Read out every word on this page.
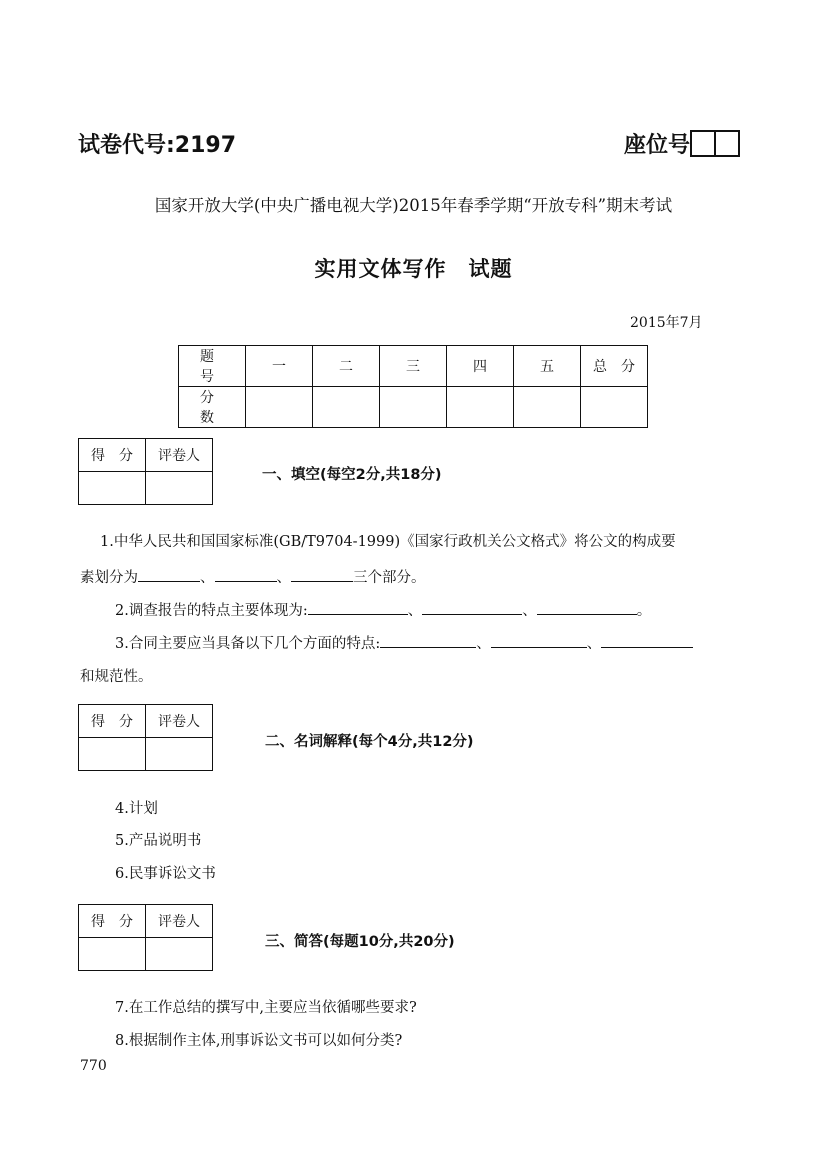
试卷代号:2197	座位号
国家开放大学(中央广播电视大学)2015年春季学期“开放专科”期末考试
实用文体写作　试题
2015年7月
题　号	一	二	三	四	五	总　分
分　数						
得　分	评卷人

一、填空(每空2分,共18分)
1.中华人民共和国国家标准(GB/T9704-1999)《国家行政机关公文格式》将公文的构成要
素划分为	、	、	三个部分。
2.调查报告的特点主要体现为:	、	、	。
3.合同主要应当具备以下几个方面的特点:	、	、
和规范性。
得　分	评卷人

二、名词解释(每个4分,共12分)
4.计划
5.产品说明书
6.民事诉讼文书
得　分	评卷人

三、简答(每题10分,共20分)
7.在工作总结的撰写中,主要应当依循哪些要求?
8.根据制作主体,刑事诉讼文书可以如何分类?
770
